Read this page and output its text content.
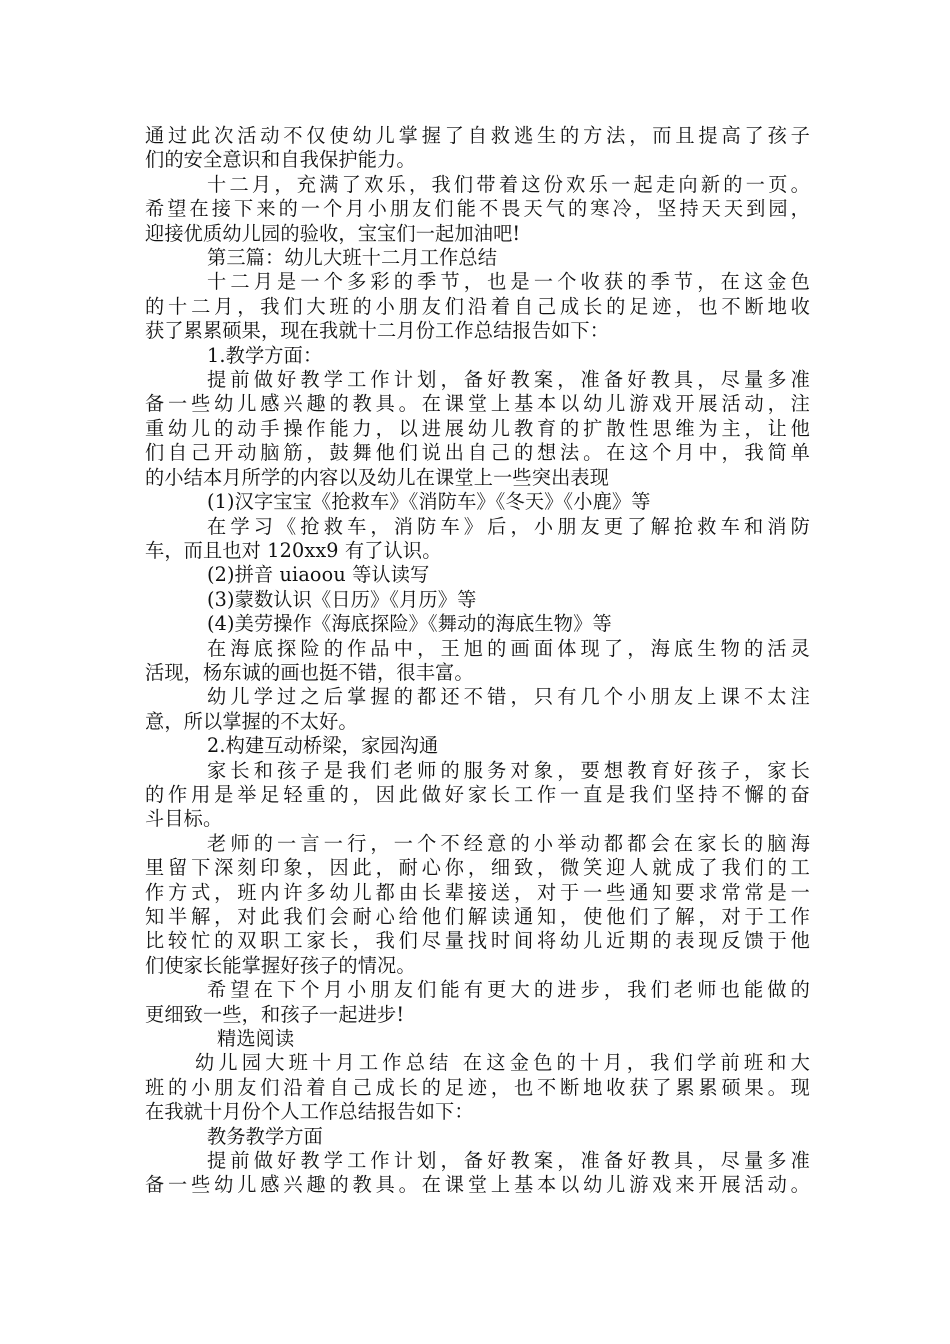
通过此次活动不仅使幼儿掌握了自救逃生的方法，而且提高了孩子
们的安全意识和自我保护能力。
十二月，充满了欢乐，我们带着这份欢乐一起走向新的一页。
希望在接下来的一个月小朋友们能不畏天气的寒冷，坚持天天到园，
迎接优质幼儿园的验收，宝宝们一起加油吧!
第三篇：幼儿大班十二月工作总结
十二月是一个多彩的季节，也是一个收获的季节，在这金色
的十二月，我们大班的小朋友们沿着自己成长的足迹，也不断地收
获了累累硕果，现在我就十二月份工作总结报告如下：
1.教学方面：
提前做好教学工作计划，备好教案，准备好教具，尽量多准
备一些幼儿感兴趣的教具。在课堂上基本以幼儿游戏开展活动，注
重幼儿的动手操作能力，以进展幼儿教育的扩散性思维为主，让他
们自己开动脑筋，鼓舞他们说出自己的想法。在这个月中，我简单
的小结本月所学的内容以及幼儿在课堂上一些突出表现
(1)汉字宝宝《抢救车》《消防车》《冬天》《小鹿》等
在学习《抢救车，消防车》后，小朋友更了解抢救车和消防
车，而且也对 120xx9 有了认识。
(2)拼音 uiaoou 等认读写
(3)蒙数认识《日历》《月历》等
(4)美劳操作《海底探险》《舞动的海底生物》等
在海底探险的作品中，王旭的画面体现了，海底生物的活灵
活现，杨东诚的画也挺不错，很丰富。
幼儿学过之后掌握的都还不错，只有几个小朋友上课不太注
意，所以掌握的不太好。
2.构建互动桥梁，家园沟通
家长和孩子是我们老师的服务对象，要想教育好孩子，家长
的作用是举足轻重的，因此做好家长工作一直是我们坚持不懈的奋
斗目标。
老师的一言一行，一个不经意的小举动都都会在家长的脑海
里留下深刻印象，因此，耐心你，细致，微笑迎人就成了我们的工
作方式，班内许多幼儿都由长辈接送，对于一些通知要求常常是一
知半解，对此我们会耐心给他们解读通知，使他们了解，对于工作
比较忙的双职工家长，我们尽量找时间将幼儿近期的表现反馈于他
们使家长能掌握好孩子的情况。
希望在下个月小朋友们能有更大的进步，我们老师也能做的
更细致一些，和孩子一起进步!
精选阅读
幼儿园大班十月工作总结 在这金色的十月，我们学前班和大
班的小朋友们沿着自己成长的足迹，也不断地收获了累累硕果。现
在我就十月份个人工作总结报告如下：
教务教学方面
提前做好教学工作计划，备好教案，准备好教具，尽量多准
备一些幼儿感兴趣的教具。在课堂上基本以幼儿游戏来开展活动。
